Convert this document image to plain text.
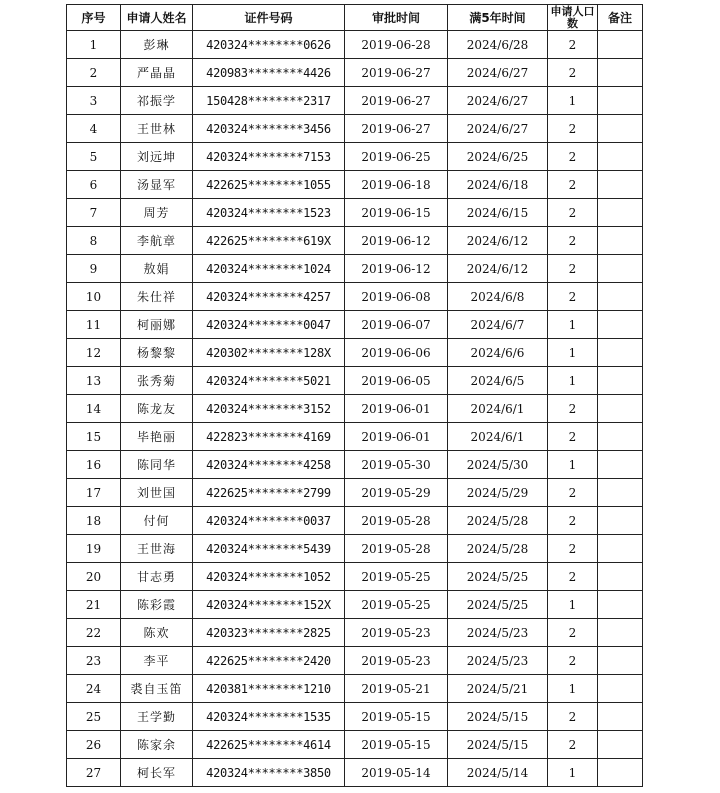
序号	申请人姓名	证件号码	审批时间	满5年时间	申请人口数	备注
1	彭琳	420324********0626	2019-06-28	2024/6/28	2	
2	严晶晶	420983********4426	2019-06-27	2024/6/27	2	
3	祁振学	150428********2317	2019-06-27	2024/6/27	1	
4	王世林	420324********3456	2019-06-27	2024/6/27	2	
5	刘远坤	420324********7153	2019-06-25	2024/6/25	2	
6	汤显军	422625********1055	2019-06-18	2024/6/18	2	
7	周芳	420324********1523	2019-06-15	2024/6/15	2	
8	李航章	422625********619X	2019-06-12	2024/6/12	2	
9	敖娟	420324********1024	2019-06-12	2024/6/12	2	
10	朱仕祥	420324********4257	2019-06-08	2024/6/8	2	
11	柯丽娜	420324********0047	2019-06-07	2024/6/7	1	
12	杨黎黎	420302********128X	2019-06-06	2024/6/6	1	
13	张秀菊	420324********5021	2019-06-05	2024/6/5	1	
14	陈龙友	420324********3152	2019-06-01	2024/6/1	2	
15	毕艳丽	422823********4169	2019-06-01	2024/6/1	2	
16	陈同华	420324********4258	2019-05-30	2024/5/30	1	
17	刘世国	422625********2799	2019-05-29	2024/5/29	2	
18	付何	420324********0037	2019-05-28	2024/5/28	2	
19	王世海	420324********5439	2019-05-28	2024/5/28	2	
20	甘志勇	420324********1052	2019-05-25	2024/5/25	2	
21	陈彩霞	420324********152X	2019-05-25	2024/5/25	1	
22	陈欢	420323********2825	2019-05-23	2024/5/23	2	
23	李平	422625********2420	2019-05-23	2024/5/23	2	
24	裘自玉笛	420381********1210	2019-05-21	2024/5/21	1	
25	王学勤	420324********1535	2019-05-15	2024/5/15	2	
26	陈家余	422625********4614	2019-05-15	2024/5/15	2	
27	柯长军	420324********3850	2019-05-14	2024/5/14	1	
